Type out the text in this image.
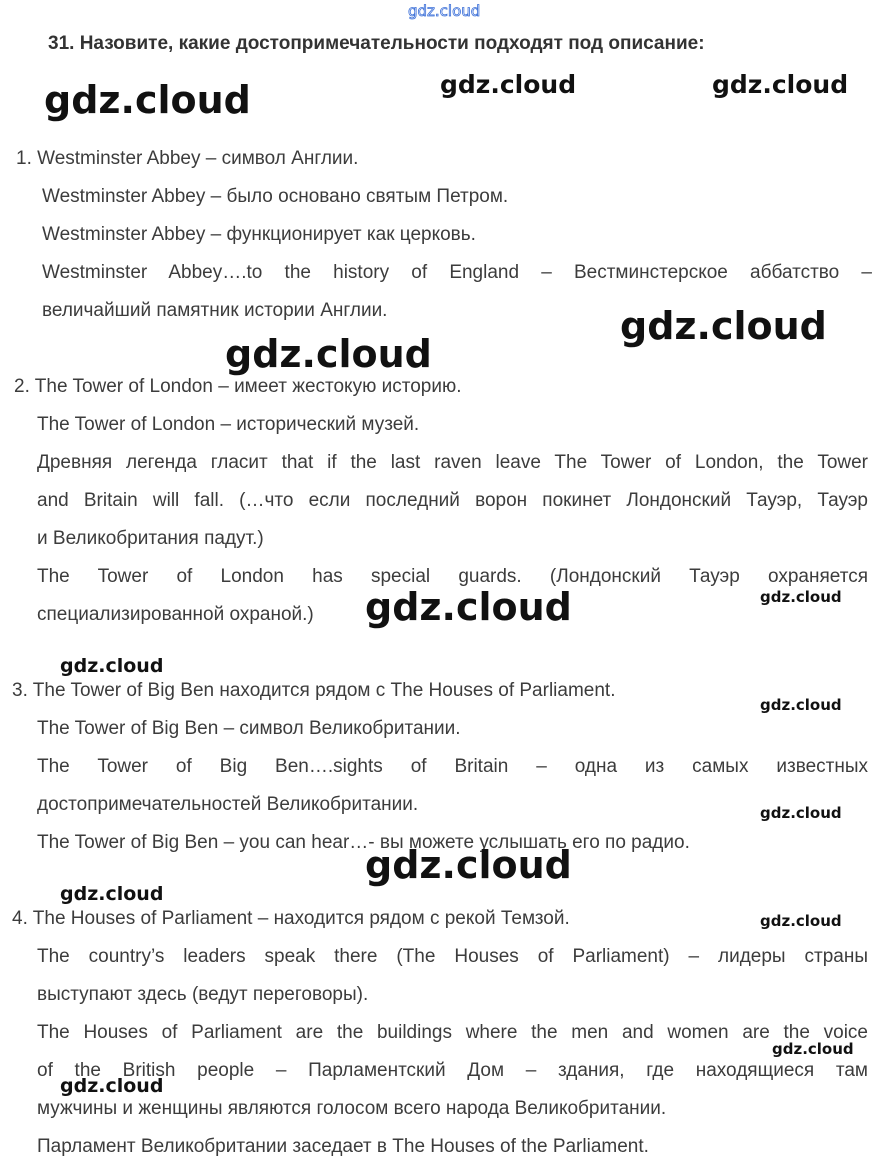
gdz.cloud
31. Назовите, какие достопримечательности подходят под описание:
1. Westminster Abbey – символ Англии.
Westminster Abbey – было основано святым Петром.
Westminster Abbey – функционирует как церковь.
Westminster Abbey….to the history of England – Вестминстерское аббатство –
величайший памятник истории Англии.
2. The Tower of London – имеет жестокую историю.
The Tower of London – исторический музей.
Древняя легенда гласит that if the last raven leave The Tower of London, the Tower
and Britain will fall. (…что если последний ворон покинет Лондонский Тауэр, Тауэр
и Великобритания падут.)
The Tower of London has special guards. (Лондонский Тауэр охраняется
специализированной охраной.)
3. The Tower of Big Ben находится рядом с The Houses of Parliament.
The Tower of Big Ben – символ Великобритании.
The Tower of Big Ben….sights of Britain – одна из самых известных
достопримечательностей Великобритании.
The Tower of Big Ben – you can hear…- вы можете услышать его по радио.
4. The Houses of Parliament – находится рядом с рекой Темзой.
The country’s leaders speak there (The Houses of Parliament) – лидеры страны
выступают здесь (ведут переговоры).
The Houses of Parliament are the buildings where the men and women are the voice
of the British people – Парламентский Дом – здания, где находящиеся там
мужчины и женщины являются голосом всего народа Великобритании.
Парламент Великобритании заседает в The Houses of the Parliament.
gdz.cloud	gdz.cloud	gdz.cloud
gdz.cloud
gdz.cloud
gdz.cloud	gdz.cloud
gdz.cloud
gdz.cloud
gdz.cloud
gdz.cloud
gdz.cloud
gdz.cloud
gdz.cloud
gdz.cloud
